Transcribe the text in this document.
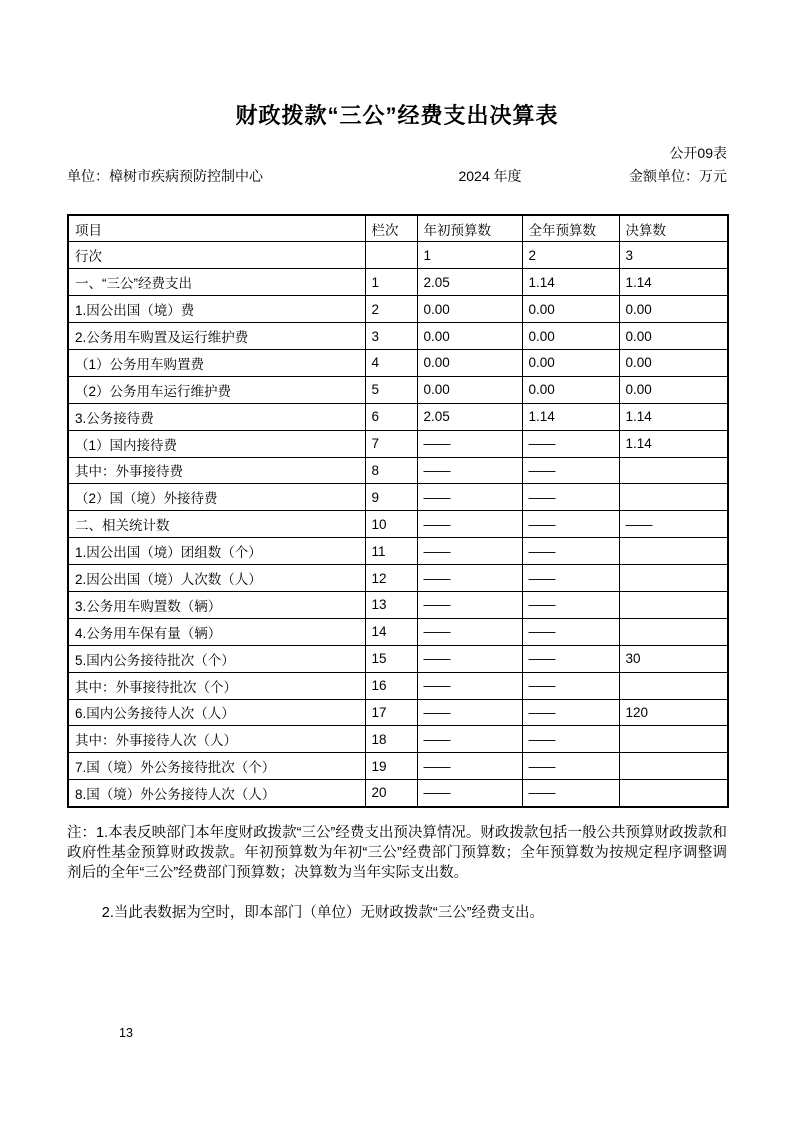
财政拨款“三公”经费支出决算表
公开09表
单位：樟树市疾病预防控制中心	2024 年度	金额单位：万元
项目	栏次	年初预算数	全年预算数	决算数
行次		1	2	3
一、“三公”经费支出	1	2.05	1.14	1.14
1.因公出国（境）费	2	0.00	0.00	0.00
2.公务用车购置及运行维护费	3	0.00	0.00	0.00
（1）公务用车购置费	4	0.00	0.00	0.00
（2）公务用车运行维护费	5	0.00	0.00	0.00
3.公务接待费	6	2.05	1.14	1.14
（1）国内接待费	7	——	——	1.14
其中：外事接待费	8	——	——	
（2）国（境）外接待费	9	——	——	
二、相关统计数	10	——	——	——
1.因公出国（境）团组数（个）	11	——	——	
2.因公出国（境）人次数（人）	12	——	——	
3.公务用车购置数（辆）	13	——	——	
4.公务用车保有量（辆）	14	——	——	
5.国内公务接待批次（个）	15	——	——	30
其中：外事接待批次（个）	16	——	——	
6.国内公务接待人次（人）	17	——	——	120
其中：外事接待人次（人）	18	——	——	
7.国（境）外公务接待批次（个）	19	——	——	
8.国（境）外公务接待人次（人）	20	——	——	

注：1.本表反映部门本年度财政拨款“三公”经费支出预决算情况。财政拨款包括一般公共预算财政拨款和政府性基金预算财政拨款。年初预算数为年初“三公”经费部门预算数；全年预算数为按规定程序调整调剂后的全年“三公”经费部门预算数；决算数为当年实际支出数。

2.当此表数据为空时，即本部门（单位）无财政拨款“三公”经费支出。

13
